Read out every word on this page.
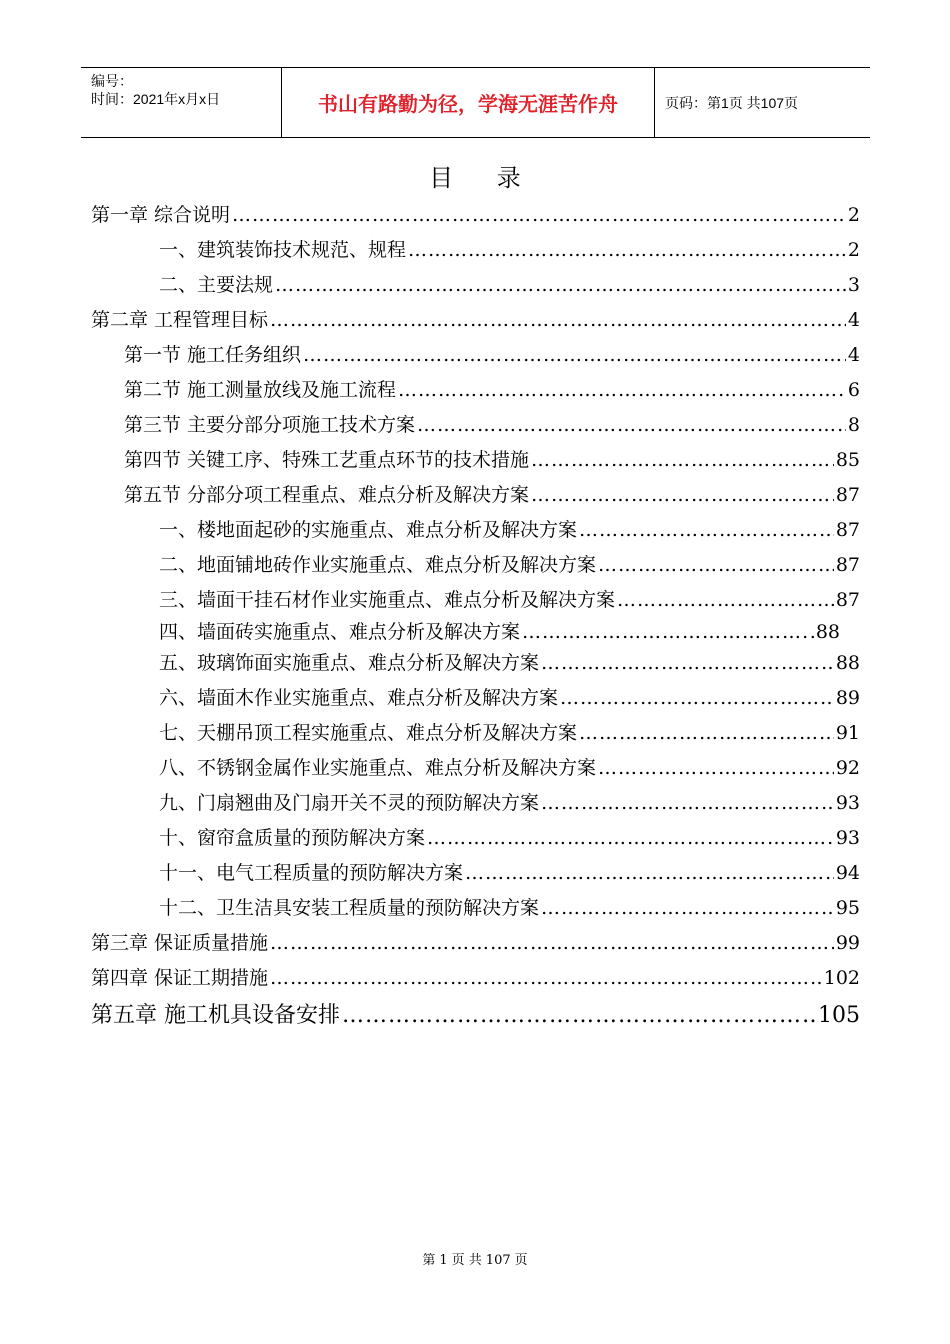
编号：
时间：2021年x月x日	书山有路勤为径，学海无涯苦作舟	页码：第1页 共107页
目 录
第一章 综合说明 ………………………………………………………………………………………………………………………………………………………………………	2
一、建筑装饰技术规范、规程 ………………………………………………………………………………………………………………………………………………………………………	2
二、主要法规 ………………………………………………………………………………………………………………………………………………………………………	3
第二章 工程管理目标 ………………………………………………………………………………………………………………………………………………………………………	4
第一节 施工任务组织 ………………………………………………………………………………………………………………………………………………………………………	4
第二节 施工测量放线及施工流程 ………………………………………………………………………………………………………………………………………………………………………	6
第三节 主要分部分项施工技术方案 ………………………………………………………………………………………………………………………………………………………………………	8
第四节 关键工序、特殊工艺重点环节的技术措施 ………………………………………………………………………………………………………………………………………………………………………	85
第五节 分部分项工程重点、难点分析及解决方案 ………………………………………………………………………………………………………………………………………………………………………	87
一、楼地面起砂的实施重点、难点分析及解决方案 ………………………………………………………………………………………………………………………………………………………………………	87
二、地面铺地砖作业实施重点、难点分析及解决方案 ………………………………………………………………………………………………………………………………………………………………………	87
三、墙面干挂石材作业实施重点、难点分析及解决方案 ………………………………………………………………………………………………………………………………………………………………………	87
四、墙面砖实施重点、难点分析及解决方案 ………………………………………………………………………………………………………………………………………………………………………	.88
五、玻璃饰面实施重点、难点分析及解决方案 ………………………………………………………………………………………………………………………………………………………………………	88
六、墙面木作业实施重点、难点分析及解决方案 ………………………………………………………………………………………………………………………………………………………………………	89
七、天棚吊顶工程实施重点、难点分析及解决方案 ………………………………………………………………………………………………………………………………………………………………………	91
八、不锈钢金属作业实施重点、难点分析及解决方案 ………………………………………………………………………………………………………………………………………………………………………	92
九、门扇翘曲及门扇开关不灵的预防解决方案 ………………………………………………………………………………………………………………………………………………………………………	93
十、窗帘盒质量的预防解决方案 ………………………………………………………………………………………………………………………………………………………………………	93
十一、电气工程质量的预防解决方案 ………………………………………………………………………………………………………………………………………………………………………	94
十二、卫生洁具安装工程质量的预防解决方案 ………………………………………………………………………………………………………………………………………………………………………	95
第三章 保证质量措施 ………………………………………………………………………………………………………………………………………………………………………	99
第四章 保证工期措施 ………………………………………………………………………………………………………………………………………………………………………	102
第五章 施工机具设备安排 ………………………………………………………………………………………………………………………………………………………………………	105
第 1 页 共 107 页
